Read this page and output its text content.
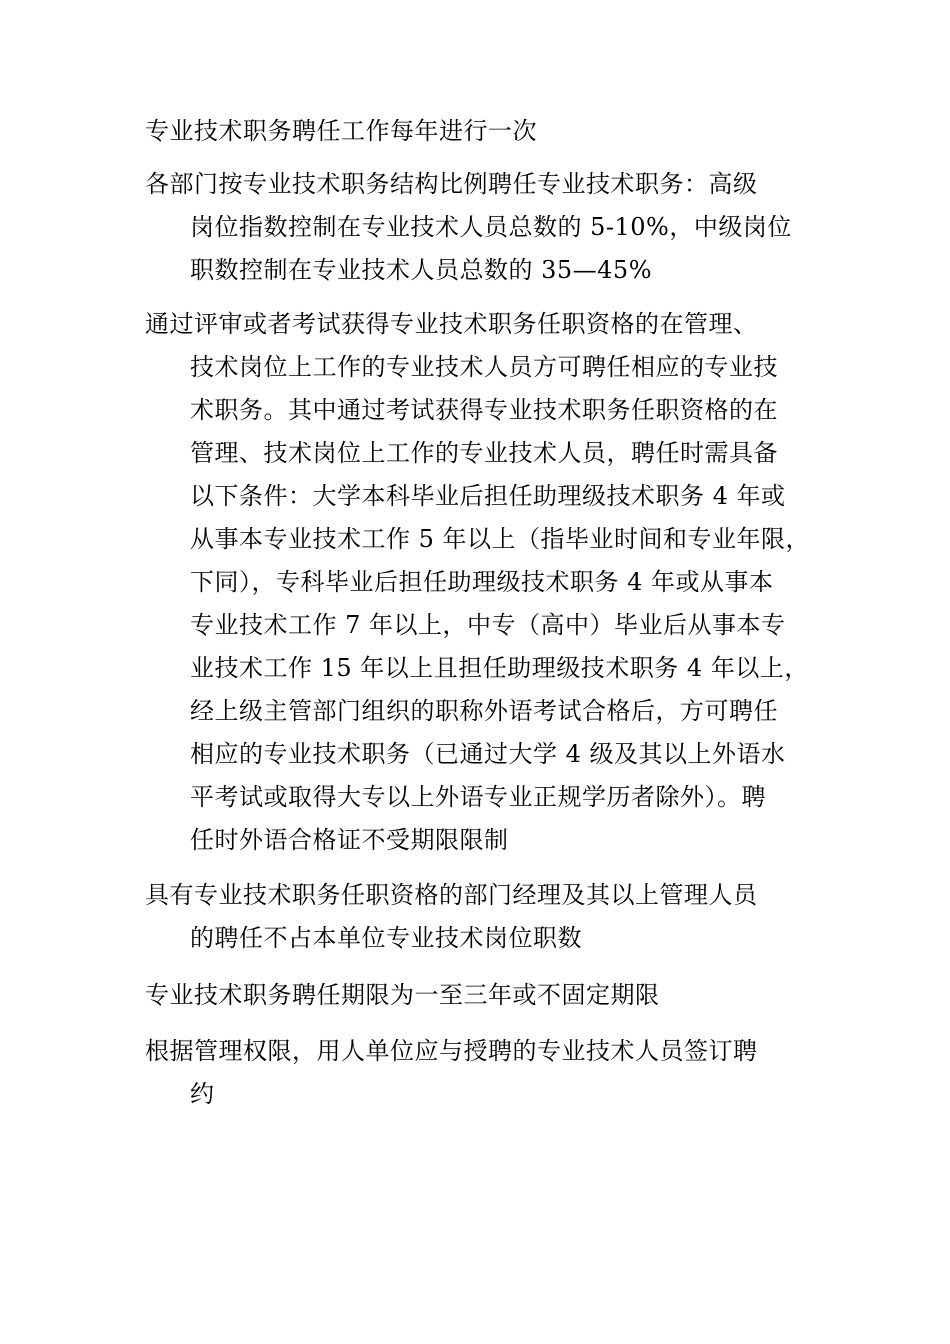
专业技术职务聘任工作每年进行一次
各部门按专业技术职务结构比例聘任专业技术职务：高级
岗位指数控制在专业技术人员总数的 5-10%，中级岗位
职数控制在专业技术人员总数的 35—45%
通过评审或者考试获得专业技术职务任职资格的在管理、
技术岗位上工作的专业技术人员方可聘任相应的专业技
术职务。其中通过考试获得专业技术职务任职资格的在
管理、技术岗位上工作的专业技术人员，聘任时需具备
以下条件：大学本科毕业后担任助理级技术职务 4 年或
从事本专业技术工作 5 年以上（指毕业时间和专业年限，
下同），专科毕业后担任助理级技术职务 4 年或从事本
专业技术工作 7 年以上，中专（高中）毕业后从事本专
业技术工作 15 年以上且担任助理级技术职务 4 年以上，
经上级主管部门组织的职称外语考试合格后，方可聘任
相应的专业技术职务（已通过大学 4 级及其以上外语水
平考试或取得大专以上外语专业正规学历者除外）。聘
任时外语合格证不受期限限制
具有专业技术职务任职资格的部门经理及其以上管理人员
的聘任不占本单位专业技术岗位职数
专业技术职务聘任期限为一至三年或不固定期限
根据管理权限，用人单位应与授聘的专业技术人员签订聘
约
